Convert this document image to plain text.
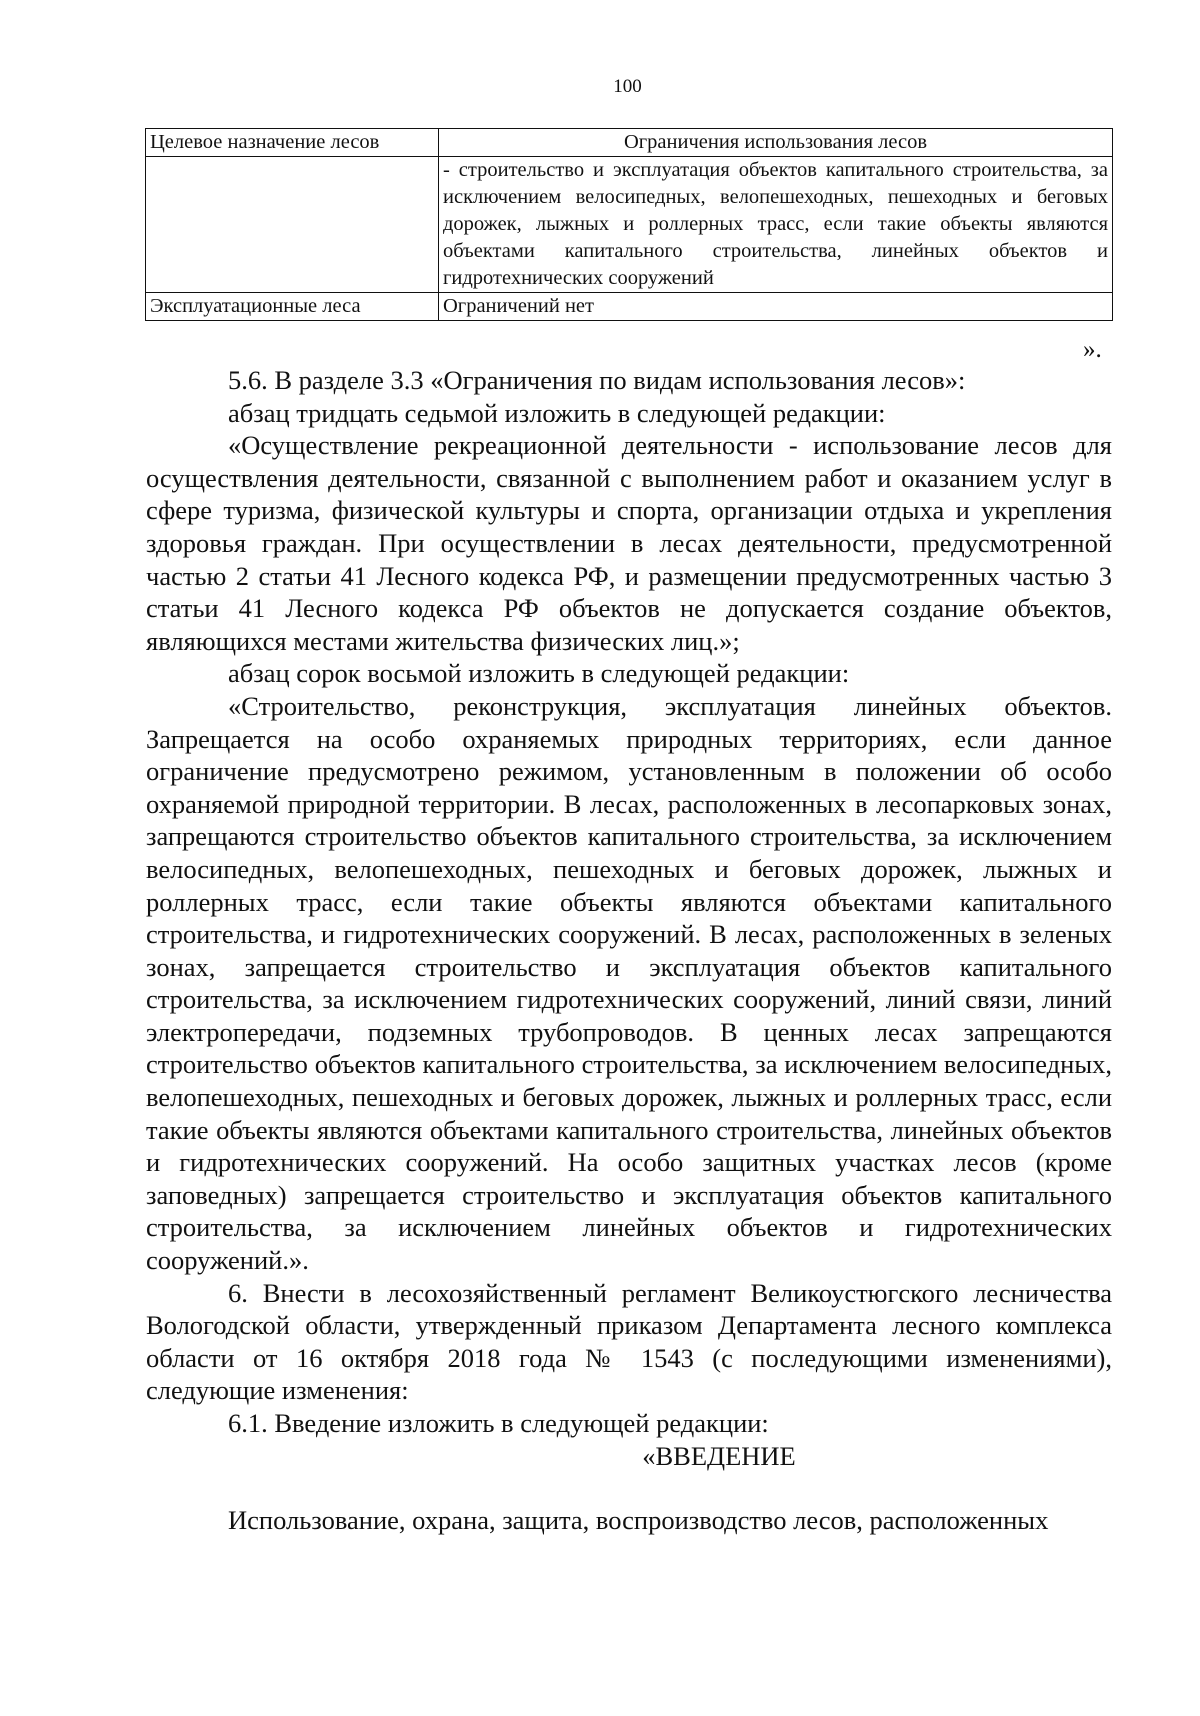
100
Целевое назначение лесов	Ограничения использования лесов
	- строительство и эксплуатация объектов капитального строительства, за исключением велосипедных, велопешеходных, пешеходных и беговых дорожек, лыжных и роллерных трасс, если такие объекты являются объектами капитального строительства, линейных объектов и гидротехнических сооружений
Эксплуатационные леса	Ограничений нет
».

5.6. В разделе 3.3 «Ограничения по видам использования лесов»:

абзац тридцать седьмой изложить в следующей редакции:

«Осуществление рекреационной деятельности - использование лесов для осуществления деятельности, связанной с выполнением работ и оказанием услуг в сфере туризма, физической культуры и спорта, организации отдыха и укрепления здоровья граждан. При осуществлении в лесах деятельности, предусмотренной частью 2 статьи 41 Лесного кодекса РФ, и размещении предусмотренных частью 3 статьи 41 Лесного кодекса РФ объектов не допускается создание объектов, являющихся местами жительства физических лиц.»;

абзац сорок восьмой изложить в следующей редакции:

«Строительство, реконструкция, эксплуатация линейных объектов. Запрещается на особо охраняемых природных территориях, если данное ограничение предусмотрено режимом, установленным в положении об особо охраняемой природной территории. В лесах, расположенных в лесопарковых зонах, запрещаются строительство объектов капитального строительства, за исключением велосипедных, велопешеходных, пешеходных и беговых дорожек, лыжных и роллерных трасс, если такие объекты являются объектами капитального строительства, и гидротехнических сооружений. В лесах, расположенных в зеленых зонах, запрещается строительство и эксплуатация объектов капитального строительства, за исключением гидротехнических сооружений, линий связи, линий электропередачи, подземных трубопроводов. В ценных лесах запрещаются строительство объектов капитального строительства, за исключением велосипедных, велопешеходных, пешеходных и беговых дорожек, лыжных и роллерных трасс, если такие объекты являются объектами капитального строительства, линейных объектов и гидротехнических сооружений. На особо защитных участках лесов (кроме заповедных) запрещается строительство и эксплуатация объектов капитального строительства, за исключением линейных объектов и гидротехнических сооружений.».

6. Внести в лесохозяйственный регламент Великоустюгского лесничества Вологодской области, утвержденный приказом Департамента лесного комплекса области от 16 октября 2018 года № 1543 (с последующими изменениями), следующие изменения:

6.1. Введение изложить в следующей редакции:

«ВВЕДЕНИЕ

Использование, охрана, защита, воспроизводство лесов, расположенных
